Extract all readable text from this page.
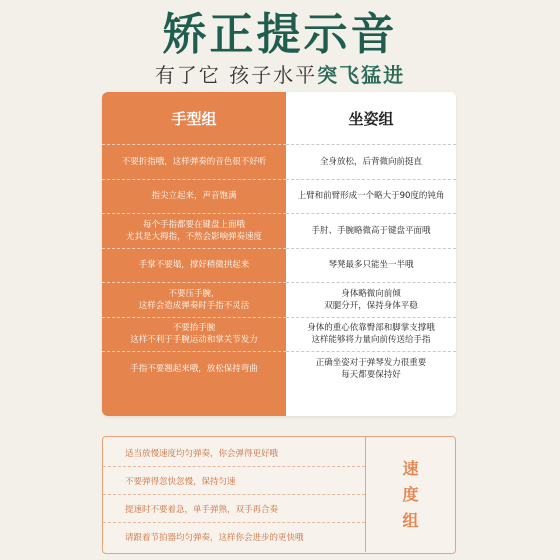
矫正提示音
有了它 孩子水平突飞猛进
手型组
不要折指哦，这样弹奏的音色很不好听
指尖立起来，声音饱满
每个手指都要在键盘上面哦
尤其是大拇指，不然会影响弹奏速度
手掌不要塌，撑好稍微拱起来
不要压手腕，
这样会造成弹奏时手指不灵活
不要抬手腕
这样不利于手腕运动和掌关节发力
手指不要翘起来哦，放松保持弯曲
坐姿组
全身放松，后背微向前挺直
上臂和前臂形成一个略大于90度的钝角
手肘、手腕略微高于键盘平面哦
琴凳最多只能坐一半哦
身体略微向前倾
双腿分开，保持身体平稳
身体的重心依靠臀部和脚掌支撑哦
这样能够将力量向前传送给手指
正确坐姿对于弹琴发力很重要
每天都要保持好
适当放慢速度均匀弹奏，你会弹得更好哦
不要弹得忽快忽慢，保持匀速
提速时不要着急，单手弹熟，双手再合奏
请跟着节拍器均匀弹奏，这样你会进步的更快哦
速
度
组
